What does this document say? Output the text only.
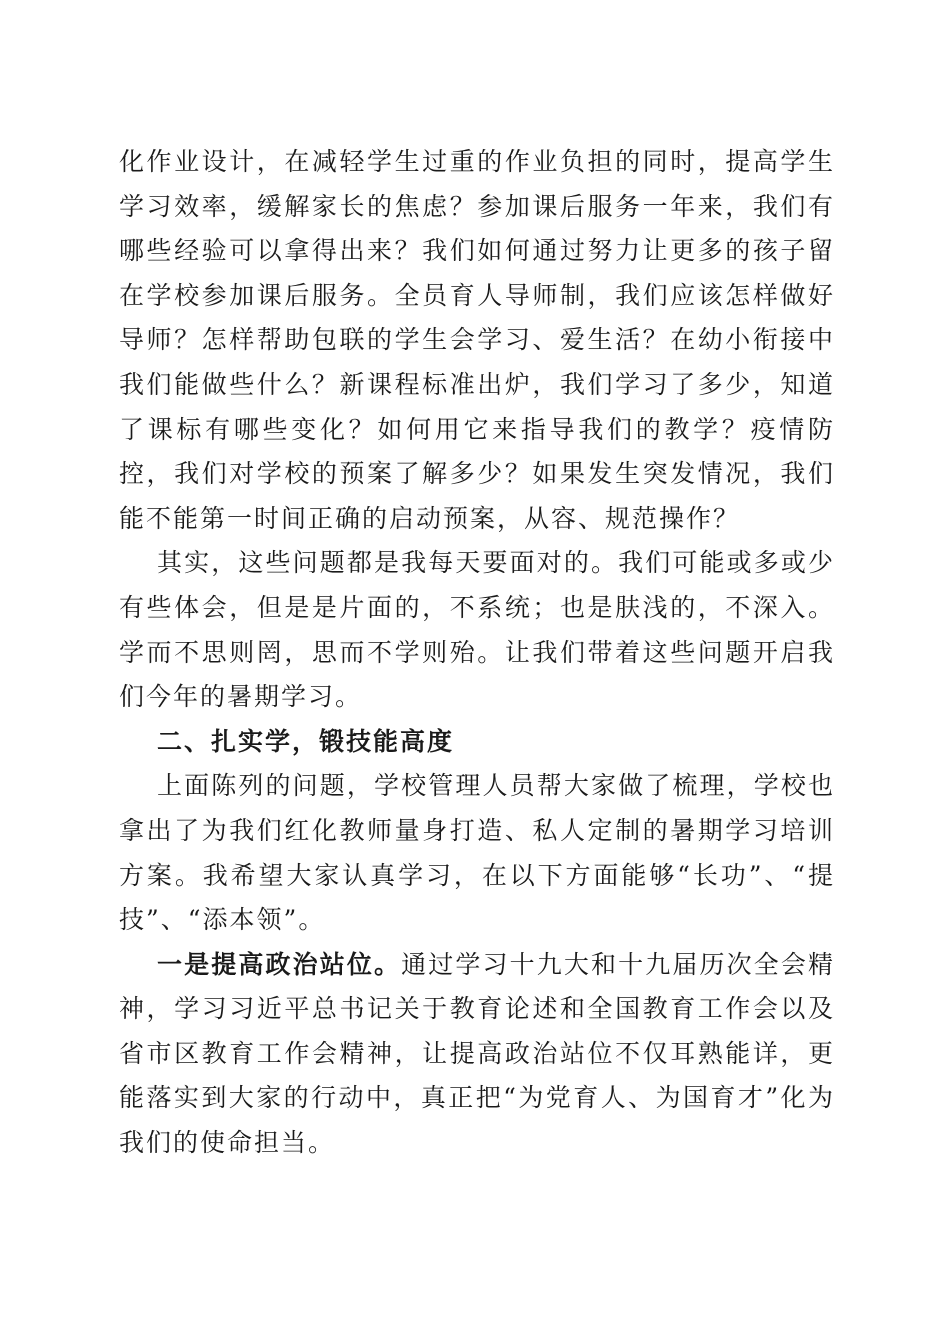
化作业设计，在减轻学生过重的作业负担的同时，提高学生学习效率，缓解家长的焦虑？参加课后服务一年来，我们有哪些经验可以拿得出来？我们如何通过努力让更多的孩子留在学校参加课后服务。全员育人导师制，我们应该怎样做好导师？怎样帮助包联的学生会学习、爱生活？在幼小衔接中我们能做些什么？新课程标准出炉，我们学习了多少，知道了课标有哪些变化？如何用它来指导我们的教学？疫情防控，我们对学校的预案了解多少？如果发生突发情况，我们能不能第一时间正确的启动预案，从容、规范操作？

其实，这些问题都是我每天要面对的。我们可能或多或少有些体会，但是是片面的，不系统；也是肤浅的，不深入。学而不思则罔，思而不学则殆。让我们带着这些问题开启我们今年的暑期学习。

二、扎实学，锻技能高度

上面陈列的问题，学校管理人员帮大家做了梳理，学校也拿出了为我们红化教师量身打造、私人定制的暑期学习培训方案。我希望大家认真学习，在以下方面能够“长功”、“提技”、“添本领”。

一是提高政治站位。通过学习十九大和十九届历次全会精神，学习习近平总书记关于教育论述和全国教育工作会以及省市区教育工作会精神，让提高政治站位不仅耳熟能详，更能落实到大家的行动中，真正把“为党育人、为国育才”化为我们的使命担当。
